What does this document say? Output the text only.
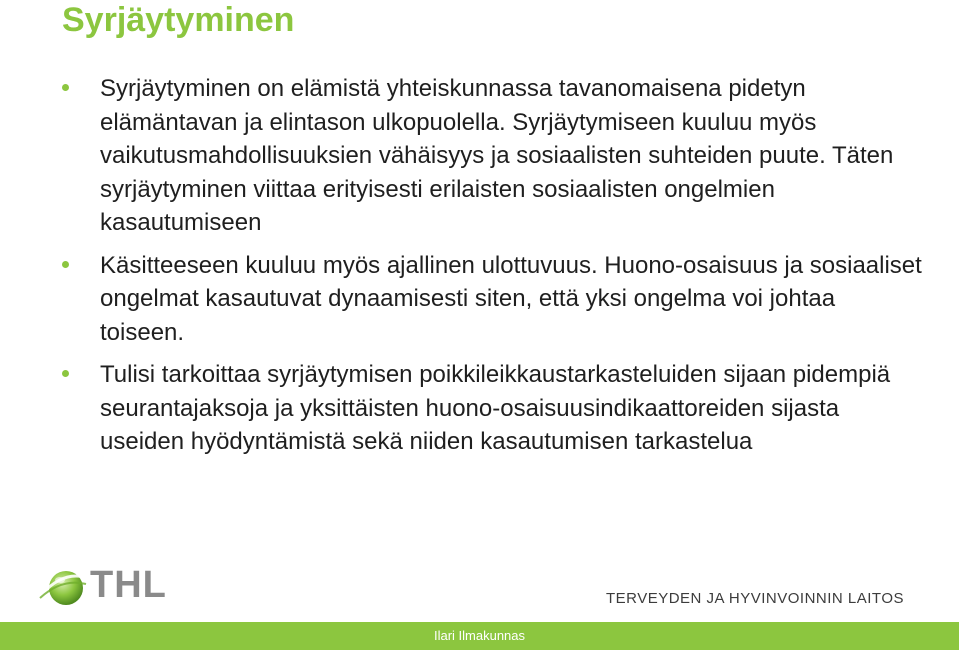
Syrjäytyminen
Syrjäytyminen on elämistä yhteiskunnassa tavanomaisena pidetyn elämäntavan ja elintason ulkopuolella. Syrjäytymiseen kuuluu myös vaikutusmahdollisuuksien vähäisyys ja sosiaalisten suhteiden puute. Täten syrjäytyminen viittaa erityisesti erilaisten sosiaalisten ongelmien kasautumiseen
Käsitteeseen kuuluu myös ajallinen ulottuvuus. Huono-osaisuus ja sosiaaliset ongelmat kasautuvat dynaamisesti siten, että yksi ongelma voi johtaa toiseen.
Tulisi tarkoittaa syrjäytymisen poikkileikkaustarkasteluiden sijaan pidempiä seurantajaksoja ja yksittäisten huono-osaisuusindikaattoreiden sijasta useiden hyödyntämistä sekä niiden kasautumisen tarkastelua
THL	TERVEYDEN JA HYVINVOINNIN LAITOS
Ilari Ilmakunnas
